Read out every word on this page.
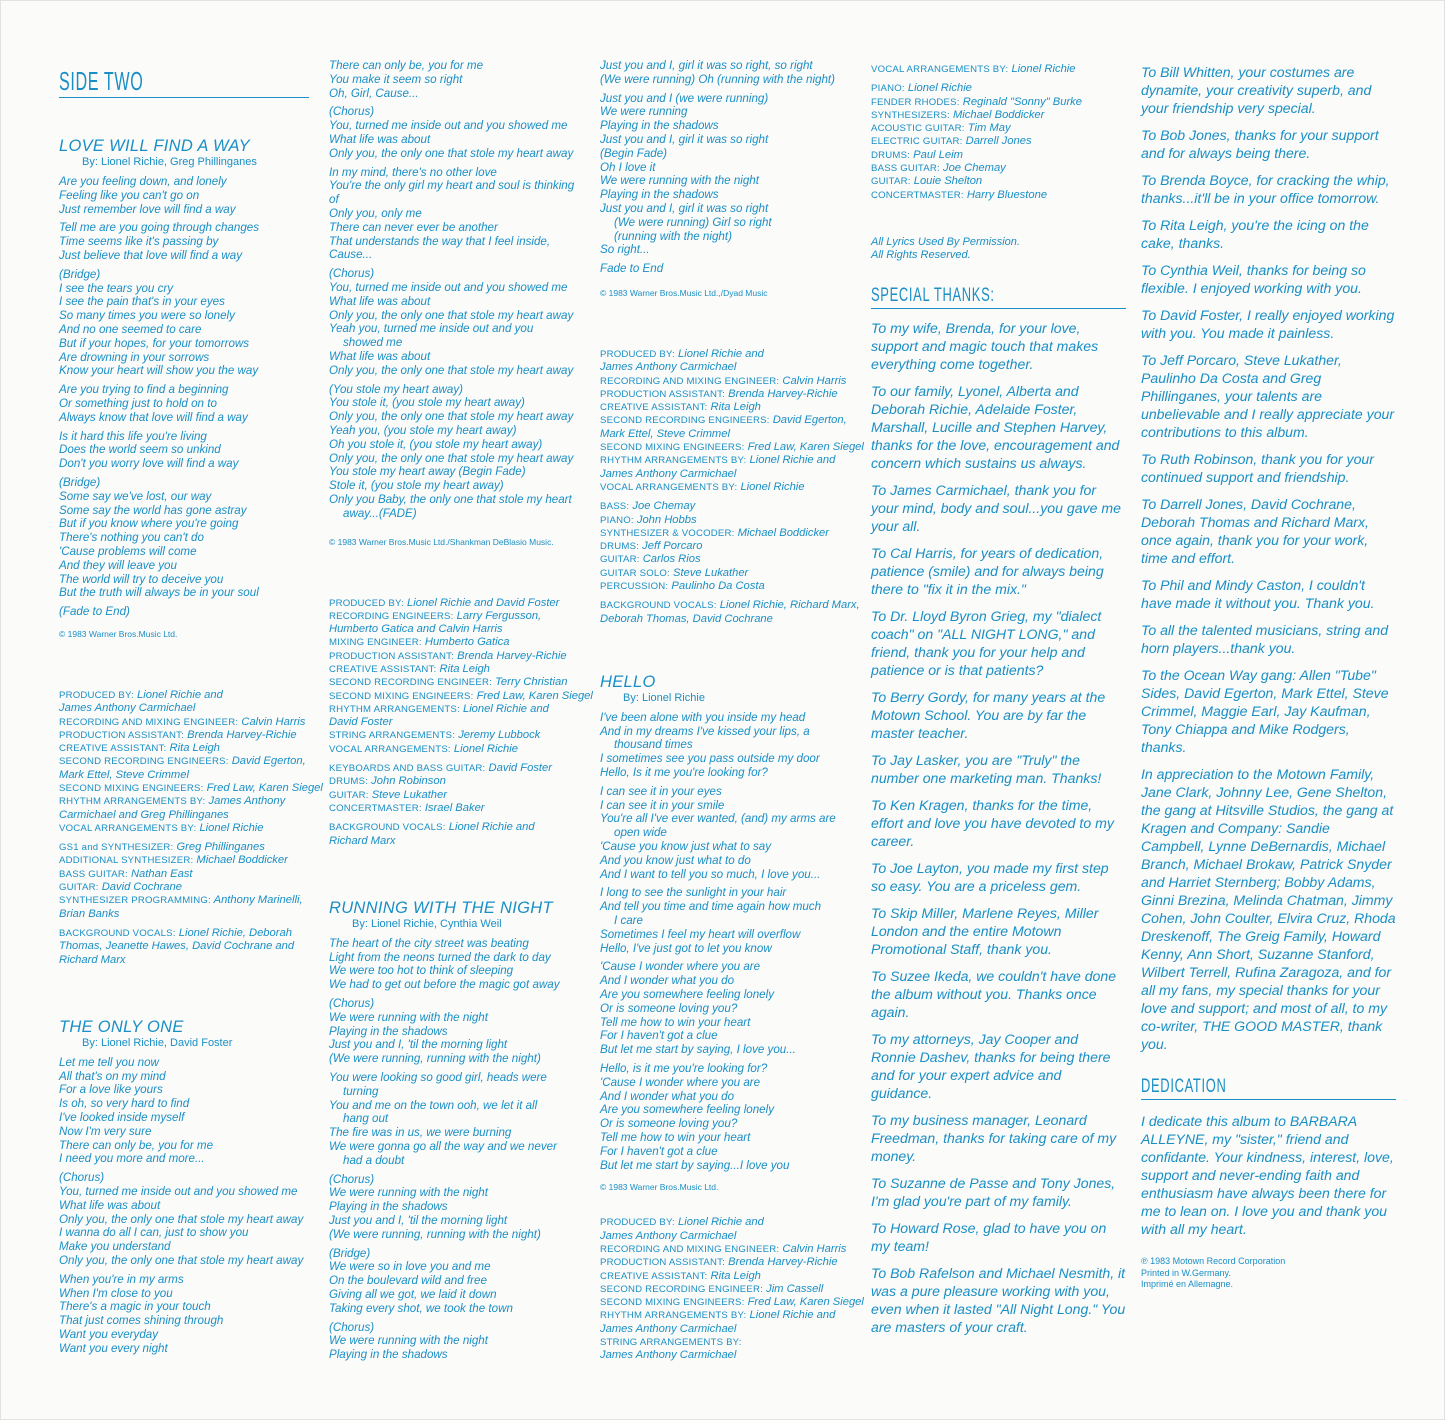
SIDE TWO
LOVE WILL FIND A WAY
By: Lionel Richie, Greg Phillinganes
Are you feeling down, and lonely
Feeling like you can't go on
Just remember love will find a way
Tell me are you going through changes
Time seems like it's passing by
Just believe that love will find a way
(Bridge)
I see the tears you cry
I see the pain that's in your eyes
So many times you were so lonely
And no one seemed to care
But if your hopes, for your tomorrows
Are drowning in your sorrows
Know your heart will show you the way
Are you trying to find a beginning
Or something just to hold on to
Always know that love will find a way
Is it hard this life you're living
Does the world seem so unkind
Don't you worry love will find a way
(Bridge)
Some say we've lost, our way
Some say the world has gone astray
But if you know where you're going
There's nothing you can't do
'Cause problems will come
And they will leave you
The world will try to deceive you
But the truth will always be in your soul
(Fade to End)
© 1983 Warner Bros.Music Ltd.
PRODUCED BY: Lionel Richie and
James Anthony Carmichael
RECORDING AND MIXING ENGINEER: Calvin Harris
PRODUCTION ASSISTANT: Brenda Harvey-Richie
CREATIVE ASSISTANT: Rita Leigh
SECOND RECORDING ENGINEERS: David Egerton,
Mark Ettel, Steve Crimmel
SECOND MIXING ENGINEERS: Fred Law, Karen Siegel
RHYTHM ARRANGEMENTS BY: James Anthony
Carmichael and Greg Phillinganes
VOCAL ARRANGEMENTS BY: Lionel Richie
GS1 and SYNTHESIZER: Greg Phillinganes
ADDITIONAL SYNTHESIZER: Michael Boddicker
BASS GUITAR: Nathan East
GUITAR: David Cochrane
SYNTHESIZER PROGRAMMING: Anthony Marinelli,
Brian Banks
BACKGROUND VOCALS: Lionel Richie, Deborah
Thomas, Jeanette Hawes, David Cochrane and
Richard Marx
THE ONLY ONE
By: Lionel Richie, David Foster
Let me tell you now
All that's on my mind
For a love like yours
Is oh, so very hard to find
I've looked inside myself
Now I'm very sure
There can only be, you for me
I need you more and more...
(Chorus)
You, turned me inside out and you showed me
What life was about
Only you, the only one that stole my heart away
I wanna do all I can, just to show you
Make you understand
Only you, the only one that stole my heart away
When you're in my arms
When I'm close to you
There's a magic in your touch
That just comes shining through
Want you everyday
Want you every night
There can only be, you for me
You make it seem so right
Oh, Girl, Cause...
(Chorus)
You, turned me inside out and you showed me
What life was about
Only you, the only one that stole my heart away
In my mind, there's no other love
You're the only girl my heart and soul is thinking
of
Only you, only me
There can never ever be another
That understands the way that I feel inside,
Cause...
(Chorus)
You, turned me inside out and you showed me
What life was about
Only you, the only one that stole my heart away
Yeah you, turned me inside out and you
showed me
What life was about
Only you, the only one that stole my heart away
(You stole my heart away)
You stole it, (you stole my heart away)
Only you, the only one that stole my heart away
Yeah you, (you stole my heart away)
Oh you stole it, (you stole my heart away)
Only you, the only one that stole my heart away
You stole my heart away (Begin Fade)
Stole it, (you stole my heart away)
Only you Baby, the only one that stole my heart
away...(FADE)
© 1983 Warner Bros.Music Ltd./Shankman DeBlasio Music.
PRODUCED BY: Lionel Richie and David Foster
RECORDING ENGINEERS: Larry Fergusson,
Humberto Gatica and Calvin Harris
MIXING ENGINEER: Humberto Gatica
PRODUCTION ASSISTANT: Brenda Harvey-Richie
CREATIVE ASSISTANT: Rita Leigh
SECOND RECORDING ENGINEER: Terry Christian
SECOND MIXING ENGINEERS: Fred Law, Karen Siegel
RHYTHM ARRANGEMENTS: Lionel Richie and
David Foster
STRING ARRANGEMENTS: Jeremy Lubbock
VOCAL ARRANGEMENTS: Lionel Richie
KEYBOARDS AND BASS GUITAR: David Foster
DRUMS: John Robinson
GUITAR: Steve Lukather
CONCERTMASTER: Israel Baker
BACKGROUND VOCALS: Lionel Richie and
Richard Marx
RUNNING WITH THE NIGHT
By: Lionel Richie, Cynthia Weil
The heart of the city street was beating
Light from the neons turned the dark to day
We were too hot to think of sleeping
We had to get out before the magic got away
(Chorus)
We were running with the night
Playing in the shadows
Just you and I, 'til the morning light
(We were running, running with the night)
You were looking so good girl, heads were
turning
You and me on the town ooh, we let it all
hang out
The fire was in us, we were burning
We were gonna go all the way and we never
had a doubt
(Chorus)
We were running with the night
Playing in the shadows
Just you and I, 'til the morning light
(We were running, running with the night)
(Bridge)
We were so in love you and me
On the boulevard wild and free
Giving all we got, we laid it down
Taking every shot, we took the town
(Chorus)
We were running with the night
Playing in the shadows
Just you and I, girl it was so right, so right
(We were running) Oh (running with the night)
Just you and I (we were running)
We were running
Playing in the shadows
Just you and I, girl it was so right
(Begin Fade)
Oh I love it
We were running with the night
Playing in the shadows
Just you and I, girl it was so right
(We were running) Girl so right
(running with the night)
So right...
Fade to End
© 1983 Warner Bros.Music Ltd.,/Dyad Music
PRODUCED BY: Lionel Richie and
James Anthony Carmichael
RECORDING AND MIXING ENGINEER: Calvin Harris
PRODUCTION ASSISTANT: Brenda Harvey-Richie
CREATIVE ASSISTANT: Rita Leigh
SECOND RECORDING ENGINEERS: David Egerton,
Mark Ettel, Steve Crimmel
SECOND MIXING ENGINEERS: Fred Law, Karen Siegel
RHYTHM ARRANGEMENTS BY: Lionel Richie and
James Anthony Carmichael
VOCAL ARRANGEMENTS BY: Lionel Richie
BASS: Joe Chemay
PIANO: John Hobbs
SYNTHESIZER & VOCODER: Michael Boddicker
DRUMS: Jeff Porcaro
GUITAR: Carlos Rios
GUITAR SOLO: Steve Lukather
PERCUSSION: Paulinho Da Costa
BACKGROUND VOCALS: Lionel Richie, Richard Marx,
Deborah Thomas, David Cochrane
HELLO
By: Lionel Richie
I've been alone with you inside my head
And in my dreams I've kissed your lips, a
thousand times
I sometimes see you pass outside my door
Hello, Is it me you're looking for?
I can see it in your eyes
I can see it in your smile
You're all I've ever wanted, (and) my arms are
open wide
'Cause you know just what to say
And you know just what to do
And I want to tell you so much, I love you...
I long to see the sunlight in your hair
And tell you time and time again how much
I care
Sometimes I feel my heart will overflow
Hello, I've just got to let you know
'Cause I wonder where you are
And I wonder what you do
Are you somewhere feeling lonely
Or is someone loving you?
Tell me how to win your heart
For I haven't got a clue
But let me start by saying, I love you...
Hello, is it me you're looking for?
'Cause I wonder where you are
And I wonder what you do
Are you somewhere feeling lonely
Or is someone loving you?
Tell me how to win your heart
For I haven't got a clue
But let me start by saying...I love you
© 1983 Warner Bros.Music Ltd.
PRODUCED BY: Lionel Richie and
James Anthony Carmichael
RECORDING AND MIXING ENGINEER: Calvin Harris
PRODUCTION ASSISTANT: Brenda Harvey-Richie
CREATIVE ASSISTANT: Rita Leigh
SECOND RECORDING ENGINEER: Jim Cassell
SECOND MIXING ENGINEERS: Fred Law, Karen Siegel
RHYTHM ARRANGEMENTS BY: Lionel Richie and
James Anthony Carmichael
STRING ARRANGEMENTS BY:
James Anthony Carmichael
VOCAL ARRANGEMENTS BY: Lionel Richie
PIANO: Lionel Richie
FENDER RHODES: Reginald "Sonny" Burke
SYNTHESIZERS: Michael Boddicker
ACOUSTIC GUITAR: Tim May
ELECTRIC GUITAR: Darrell Jones
DRUMS: Paul Leim
BASS GUITAR: Joe Chemay
GUITAR: Louie Shelton
CONCERTMASTER: Harry Bluestone
All Lyrics Used By Permission.
All Rights Reserved.
SPECIAL THANKS:

To my wife, Brenda, for your love, support and magic touch that makes everything come together.

To our family, Lyonel, Alberta and Deborah Richie, Adelaide Foster, Marshall, Lucille and Stephen Harvey, thanks for the love, encouragement and concern which sustains us always.

To James Carmichael, thank you for your mind, body and soul...you gave me your all.

To Cal Harris, for years of dedication, patience (smile) and for always being there to "fix it in the mix."

To Dr. Lloyd Byron Grieg, my "dialect coach" on "ALL NIGHT LONG," and friend, thank you for your help and patience or is that patients?

To Berry Gordy, for many years at the Motown School. You are by far the master teacher.

To Jay Lasker, you are "Truly" the number one marketing man. Thanks!

To Ken Kragen, thanks for the time, effort and love you have devoted to my career.

To Joe Layton, you made my first step so easy. You are a priceless gem.

To Skip Miller, Marlene Reyes, Miller London and the entire Motown Promotional Staff, thank you.

To Suzee Ikeda, we couldn't have done the album without you. Thanks once again.

To my attorneys, Jay Cooper and Ronnie Dashev, thanks for being there and for your expert advice and guidance.

To my business manager, Leonard Freedman, thanks for taking care of my money.

To Suzanne de Passe and Tony Jones, I'm glad you're part of my family.

To Howard Rose, glad to have you on my team!

To Bob Rafelson and Michael Nesmith, it was a pure pleasure working with you, even when it lasted "All Night Long." You are masters of your craft.

To Bill Whitten, your costumes are dynamite, your creativity superb, and your friendship very special.

To Bob Jones, thanks for your support and for always being there.

To Brenda Boyce, for cracking the whip, thanks...it'll be in your office tomorrow.

To Rita Leigh, you're the icing on the cake, thanks.

To Cynthia Weil, thanks for being so flexible. I enjoyed working with you.

To David Foster, I really enjoyed working with you. You made it painless.

To Jeff Porcaro, Steve Lukather, Paulinho Da Costa and Greg Phillinganes, your talents are unbelievable and I really appreciate your contributions to this album.

To Ruth Robinson, thank you for your continued support and friendship.

To Darrell Jones, David Cochrane, Deborah Thomas and Richard Marx, once again, thank you for your work, time and effort.

To Phil and Mindy Caston, I couldn't have made it without you. Thank you.

To all the talented musicians, string and horn players...thank you.

To the Ocean Way gang: Allen "Tube" Sides, David Egerton, Mark Ettel, Steve Crimmel, Maggie Earl, Jay Kaufman, Tony Chiappa and Mike Rodgers, thanks.

In appreciation to the Motown Family, Jane Clark, Johnny Lee, Gene Shelton, the gang at Hitsville Studios, the gang at Kragen and Company: Sandie Campbell, Lynne DeBernardis, Michael Branch, Michael Brokaw, Patrick Snyder and Harriet Sternberg; Bobby Adams, Ginni Brezina, Melinda Chatman, Jimmy Cohen, John Coulter, Elvira Cruz, Rhoda Dreskenoff, The Greig Family, Howard Kenny, Ann Short, Suzanne Stanford, Wilbert Terrell, Rufina Zaragoza, and for all my fans, my special thanks for your love and support; and most of all, to my co-writer, THE GOOD MASTER, thank you.

DEDICATION

I dedicate this album to BARBARA ALLEYNE, my "sister," friend and confidante. Your kindness, interest, love, support and never-ending faith and enthusiasm have always been there for me to lean on. I love you and thank you with all my heart.

℗ 1983 Motown Record Corporation
Printed in W.Germany.
Imprimé en Allemagne.
